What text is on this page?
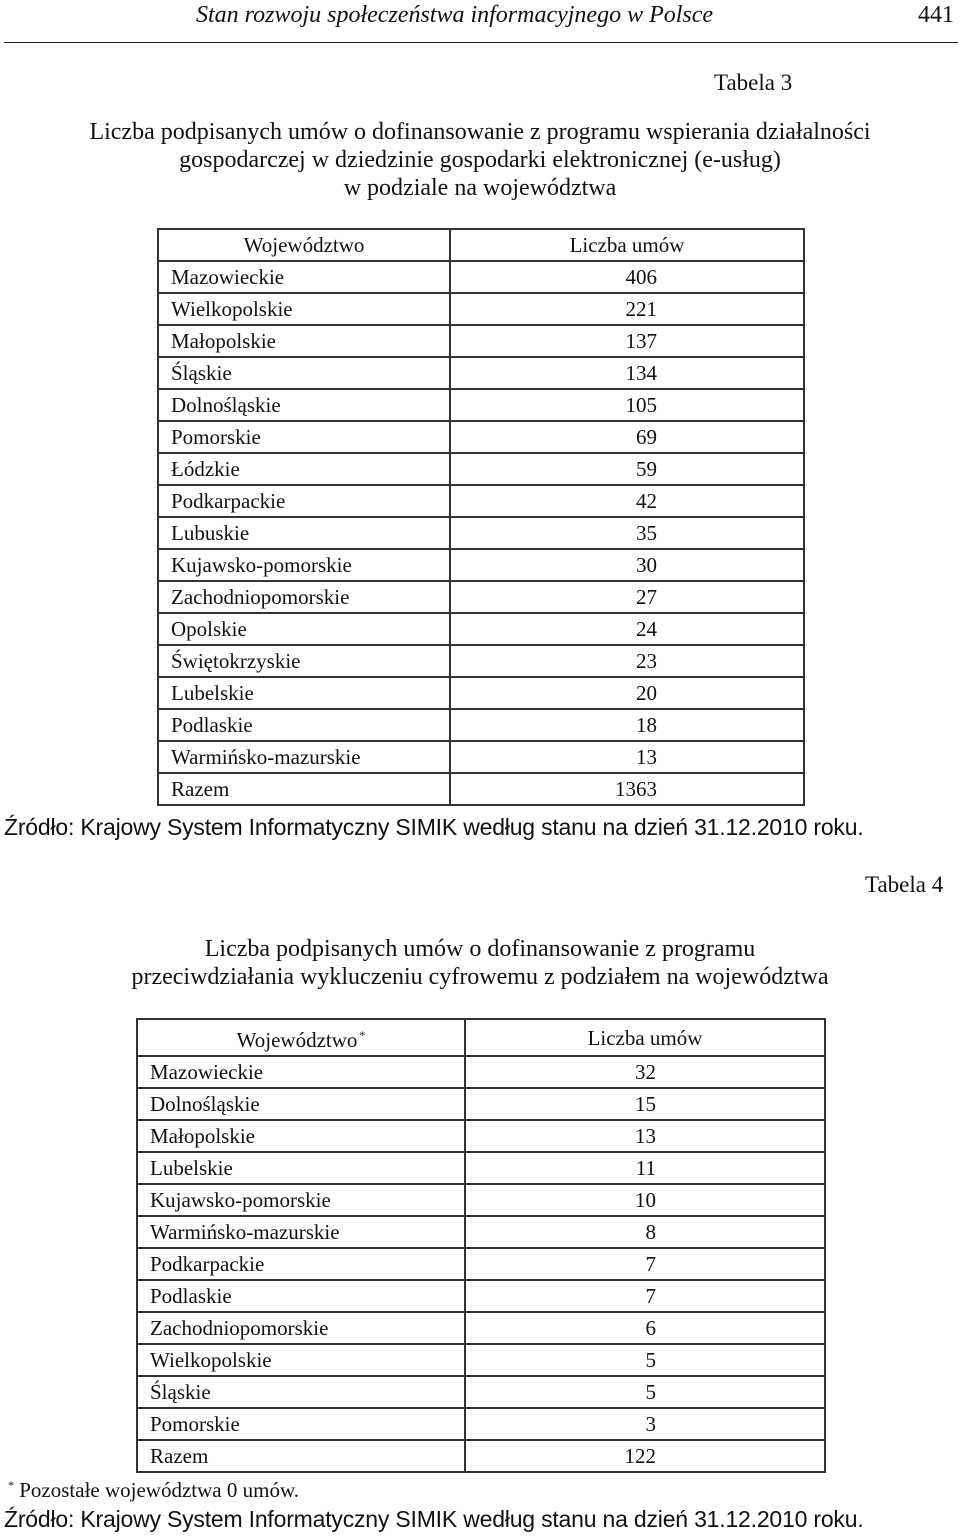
Stan rozwoju społeczeństwa informacyjnego w Polsce	441
Tabela 3
Liczba podpisanych umów o dofinansowanie z programu wspierania działalności
gospodarczej w dziedzinie gospodarki elektronicznej (e-usług)
w podziale na województwa
Województwo	Liczba umów
Mazowieckie	406
Wielkopolskie	221
Małopolskie	137
Śląskie	134
Dolnośląskie	105
Pomorskie	69
Łódzkie	59
Podkarpackie	42
Lubuskie	35
Kujawsko-pomorskie	30
Zachodniopomorskie	27
Opolskie	24
Świętokrzyskie	23
Lubelskie	20
Podlaskie	18
Warmińsko-mazurskie	13
Razem	1363
Źródło: Krajowy System Informatyczny SIMIK według stanu na dzień 31.12.2010 roku.
Tabela 4
Liczba podpisanych umów o dofinansowanie z programu
przeciwdziałania wykluczeniu cyfrowemu z podziałem na województwa
Województwo *	Liczba umów
Mazowieckie	32
Dolnośląskie	15
Małopolskie	13
Lubelskie	11
Kujawsko-pomorskie	10
Warmińsko-mazurskie	8
Podkarpackie	7
Podlaskie	7
Zachodniopomorskie	6
Wielkopolskie	5
Śląskie	5
Pomorskie	3
Razem	122
* Pozostałe województwa 0 umów.
Źródło: Krajowy System Informatyczny SIMIK według stanu na dzień 31.12.2010 roku.
